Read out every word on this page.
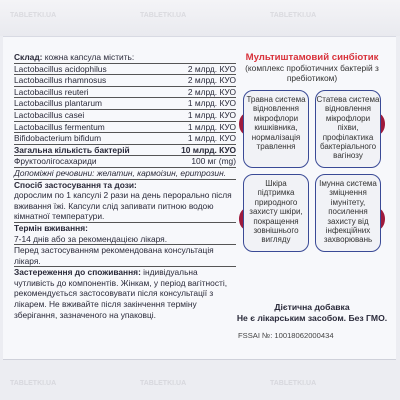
TABLETKI.UA	TABLETKI.UA	TABLETKI.UA
TABLETKI.UA	TABLETKI.UA	TABLETKI.UA
Склад: кожна капсула містить:
Lactobacillus acidophilus	2 млрд. КУО
Lactobacillus rhamnosus	2 млрд. КУО
Lactobacillus reuteri	2 млрд. КУО
Lactobacillus plantarum	1 млрд. КУО
Lactobacillus casei	1 млрд. КУО
Lactobacillus fermentum	1 млрд. КУО
Bifidobacterium bifidum	1 млрд. КУО
Загальна кількість бактерій	10 млрд. КУО
Фруктоолігосахариди	100 мг (mg)
Допоміжні речовини: желатин, кармоізин, еритрозин.
Спосіб застосування та дози:
дорослим по 1 капсулі 2 рази на день перорально після вживання їжі. Капсули слід запивати питною водою кімнатної температури.
Термін вживання:
7-14 днів або за рекомендацією лікаря.
Перед застосуванням рекомендована консультація лікаря.
Застереження до споживання: індивідуальна чутливість до компонентів. Жінкам, у період вагітності, рекомендується застосовувати після консультації з лікарем. Не вживайте після закінчення терміну зберігання, зазначеного на упаковці.
Мультиштамовий синбіотик
(комплекс пробіотичних бактерій з пребіотиком)
Травна система
відновлення мікрофлори кишківника, нормалізація травлення
Статева система
відновлення мікрофлори піхви, профілактика бактеріального вагінозу
Шкіра
підтримка природного захисту шкіри, покращення зовнішнього вигляду
Імунна система
зміцнення імунітету, посилення захисту від інфекційних захворювань
Дієтична добавка
Не є лікарським засобом. Без ГМО.
FSSAI №: 10018062000434
